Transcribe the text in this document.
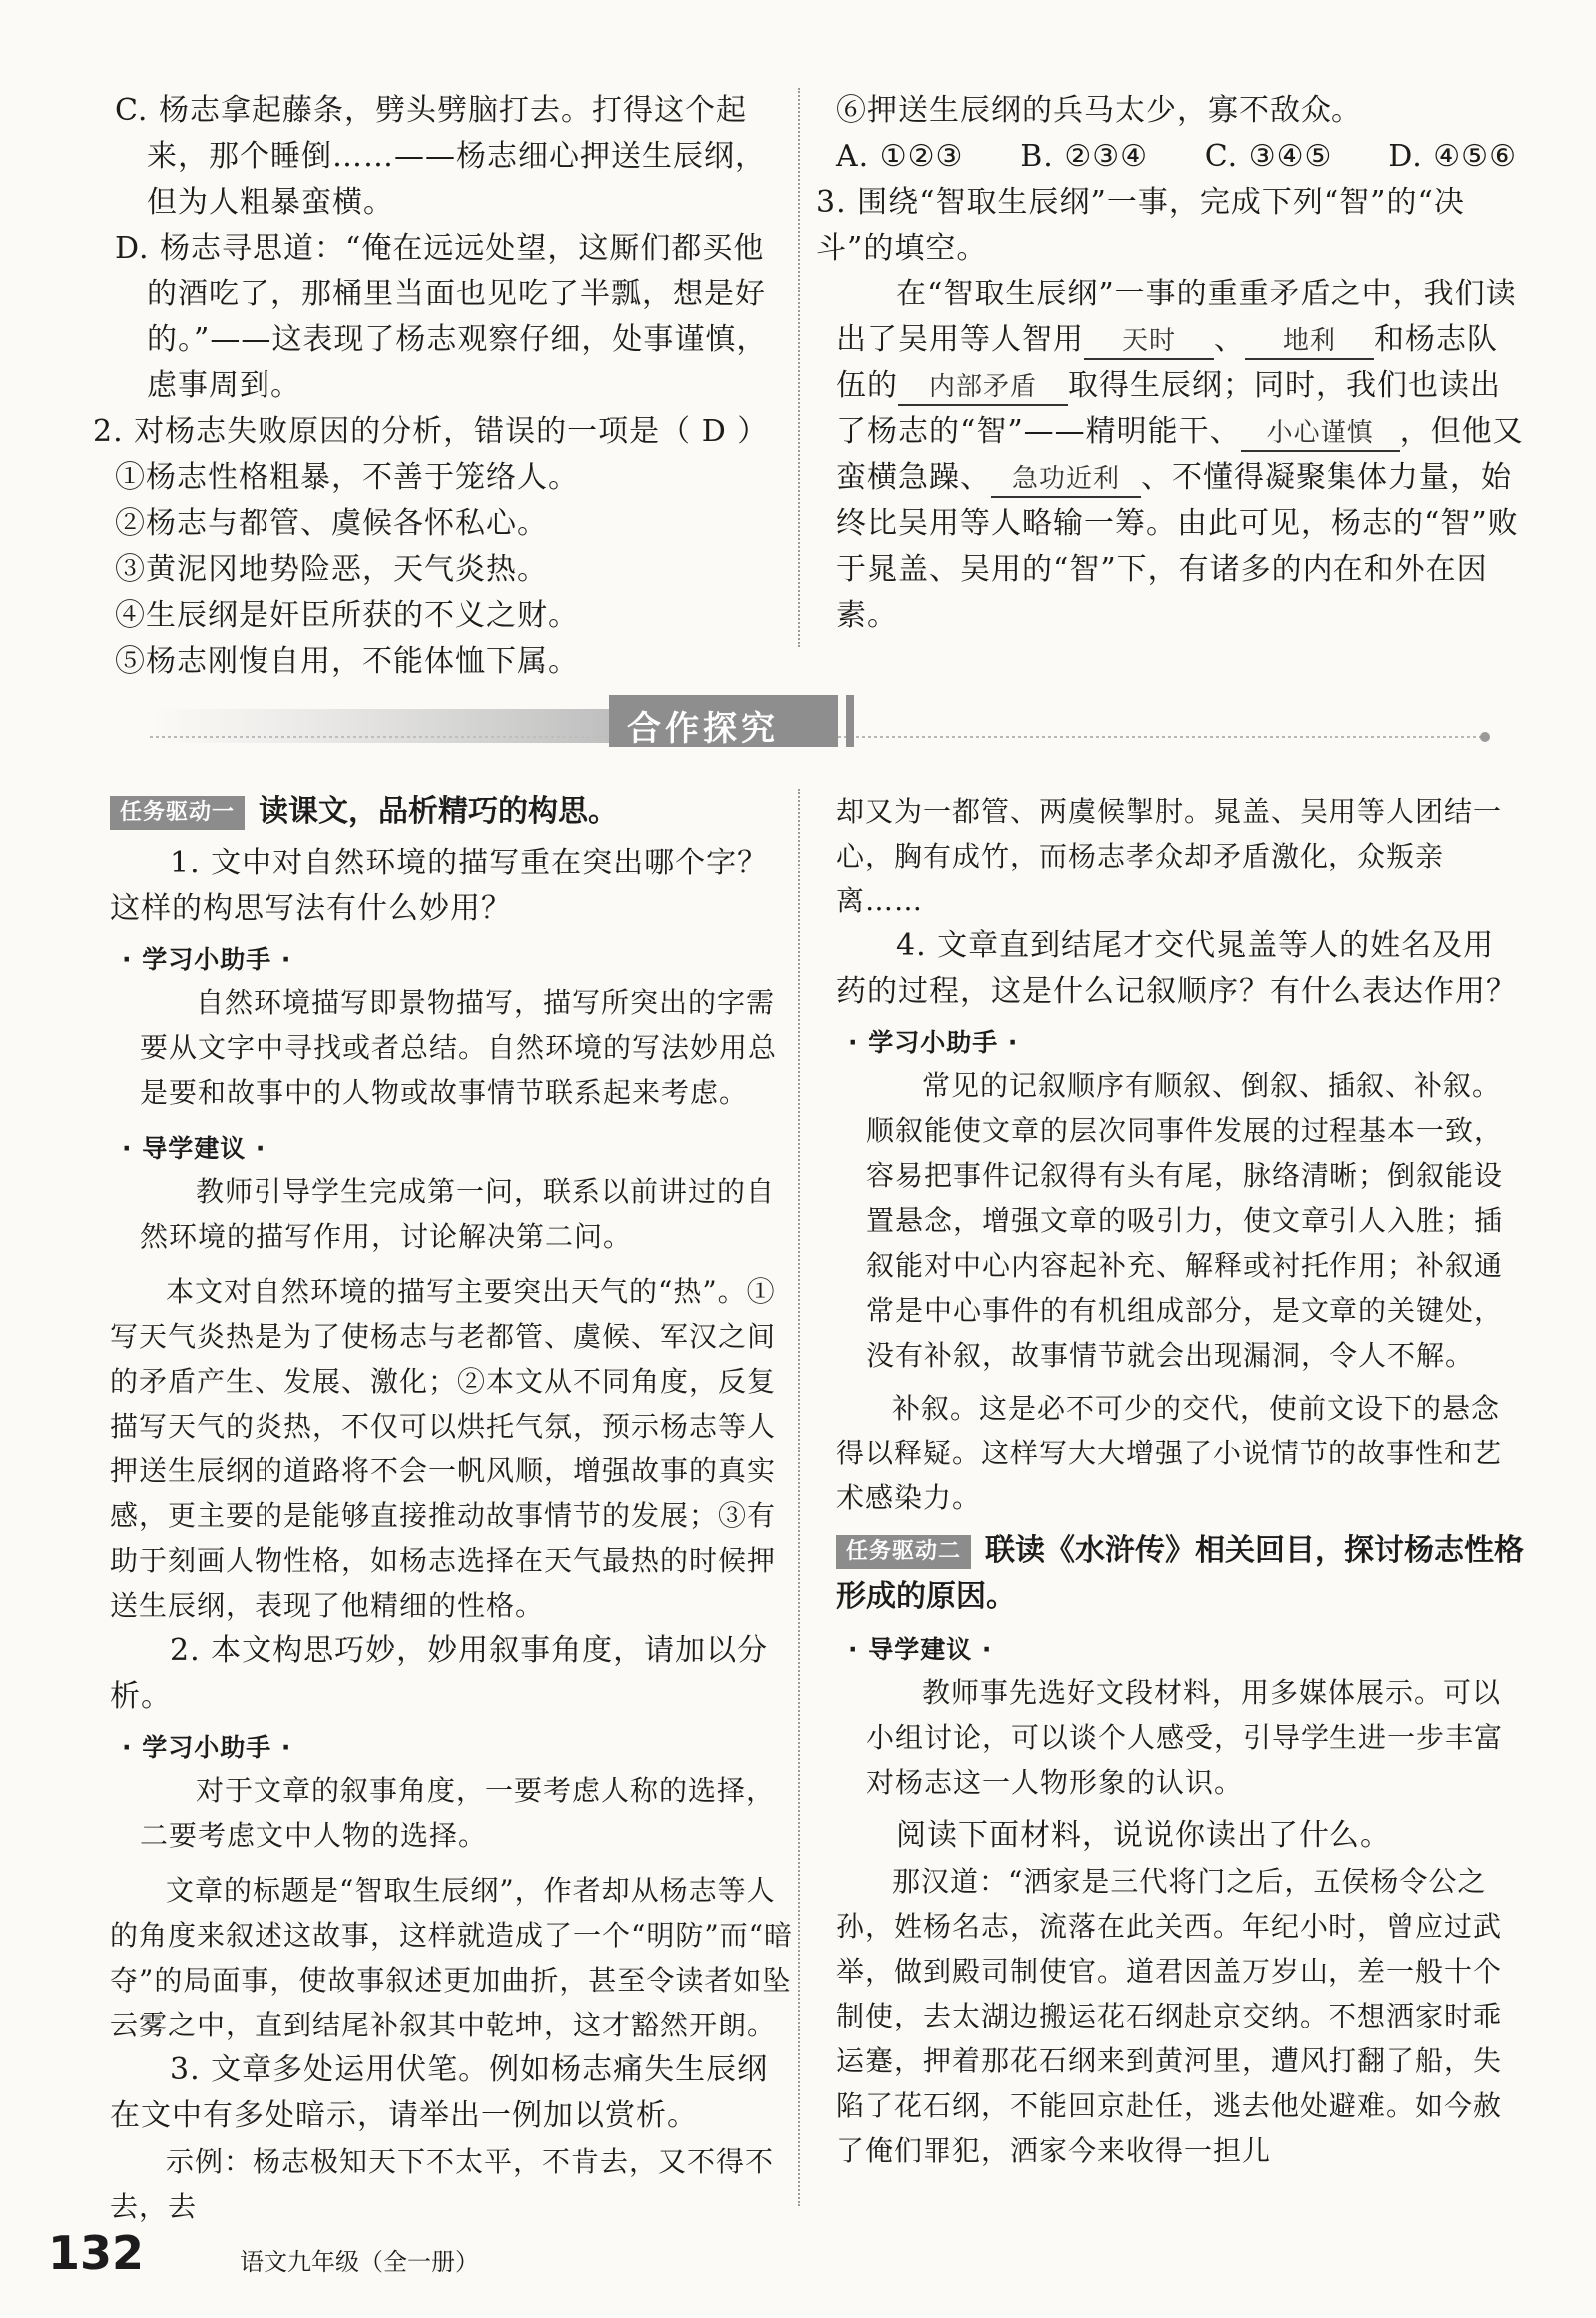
C. 杨志拿起藤条，劈头劈脑打去。打得这个起来，那个睡倒……——杨志细心押送生辰纲，但为人粗暴蛮横。

D. 杨志寻思道：“俺在远远处望，这厮们都买他的酒吃了，那桶里当面也见吃了半瓢，想是好的。”——这表现了杨志观察仔细，处事谨慎，虑事周到。

2. 对杨志失败原因的分析，错误的一项是（ D ）

①杨志性格粗暴，不善于笼络人。

②杨志与都管、虞候各怀私心。

③黄泥冈地势险恶，天气炎热。

④生辰纲是奸臣所获的不义之财。

⑤杨志刚愎自用，不能体恤下属。

⑥押送生辰纲的兵马太少，寡不敌众。

A. ①②③ B. ②③④ C. ③④⑤ D. ④⑤⑥

3. 围绕“智取生辰纲”一事，完成下列“智”的“决斗”的填空。

在“智取生辰纲”一事的重重矛盾之中，我们读出了吴用等人智用 天时 、 地利 和杨志队伍的 内部矛盾 取得生辰纲；同时，我们也读出了杨志的“智”——精明能干、 小心谨慎 ，但他又蛮横急躁、 急功近利 、不懂得凝聚集体力量，始终比吴用等人略输一筹。由此可见，杨志的“智”败于晁盖、吴用的“智”下，有诸多的内在和外在因素。

合作探究
任务驱动一 读课文，品析精巧的构思。

1. 文中对自然环境的描写重在突出哪个字？这样的构思写法有什么妙用？

· 学习小助手 ·

自然环境描写即景物描写，描写所突出的字需要从文字中寻找或者总结。自然环境的写法妙用总是要和故事中的人物或故事情节联系起来考虑。

· 导学建议 ·

教师引导学生完成第一问，联系以前讲过的自然环境的描写作用，讨论解决第二问。

本文对自然环境的描写主要突出天气的“热”。①写天气炎热是为了使杨志与老都管、虞候、军汉之间的矛盾产生、发展、激化；②本文从不同角度，反复描写天气的炎热，不仅可以烘托气氛，预示杨志等人押送生辰纲的道路将不会一帆风顺，增强故事的真实感，更主要的是能够直接推动故事情节的发展；③有助于刻画人物性格，如杨志选择在天气最热的时候押送生辰纲，表现了他精细的性格。

2. 本文构思巧妙，妙用叙事角度，请加以分析。

· 学习小助手 ·

对于文章的叙事角度，一要考虑人称的选择，二要考虑文中人物的选择。

文章的标题是“智取生辰纲”，作者却从杨志等人的角度来叙述这故事，这样就造成了一个“明防”而“暗夺”的局面事，使故事叙述更加曲折，甚至令读者如坠云雾之中，直到结尾补叙其中乾坤，这才豁然开朗。

3. 文章多处运用伏笔。例如杨志痛失生辰纲在文中有多处暗示，请举出一例加以赏析。

示例：杨志极知天下不太平，不肯去，又不得不去，去

却又为一都管、两虞候掣肘。晁盖、吴用等人团结一心，胸有成竹，而杨志孝众却矛盾激化，众叛亲离……

4. 文章直到结尾才交代晁盖等人的姓名及用药的过程，这是什么记叙顺序？有什么表达作用？

· 学习小助手 ·

常见的记叙顺序有顺叙、倒叙、插叙、补叙。顺叙能使文章的层次同事件发展的过程基本一致，容易把事件记叙得有头有尾，脉络清晰；倒叙能设置悬念，增强文章的吸引力，使文章引人入胜；插叙能对中心内容起补充、解释或衬托作用；补叙通常是中心事件的有机组成部分，是文章的关键处，没有补叙，故事情节就会出现漏洞，令人不解。

补叙。这是必不可少的交代，使前文设下的悬念得以释疑。这样写大大增强了小说情节的故事性和艺术感染力。

任务驱动二 联读《水浒传》相关回目，探讨杨志性格形成的原因。
· 导学建议 ·

教师事先选好文段材料，用多媒体展示。可以小组讨论，可以谈个人感受，引导学生进一步丰富对杨志这一人物形象的认识。

阅读下面材料，说说你读出了什么。

那汉道：“洒家是三代将门之后，五侯杨令公之孙，姓杨名志，流落在此关西。年纪小时，曾应过武举，做到殿司制使官。道君因盖万岁山，差一般十个制使，去太湖边搬运花石纲赴京交纳。不想洒家时乖运蹇，押着那花石纲来到黄河里，遭风打翻了船，失陷了花石纲，不能回京赴任，逃去他处避难。如今赦了俺们罪犯，洒家今来收得一担儿

132	语文九年级（全一册）
